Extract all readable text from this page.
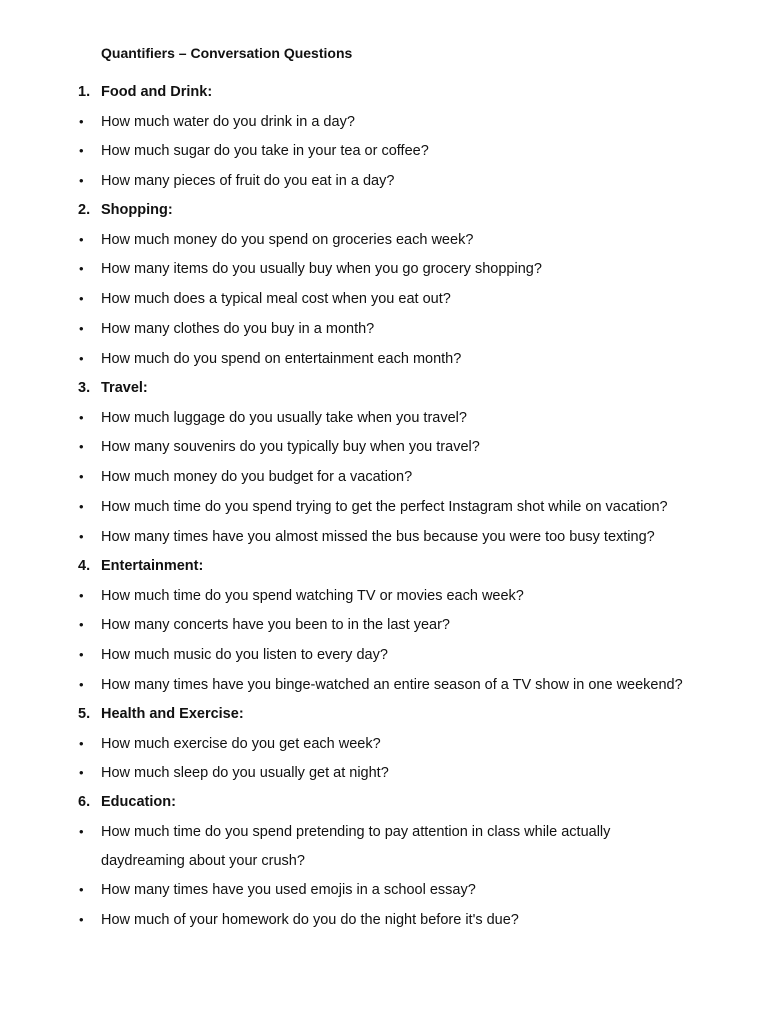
Quantifiers – Conversation Questions
1. Food and Drink:
• How much water do you drink in a day?
• How much sugar do you take in your tea or coffee?
• How many pieces of fruit do you eat in a day?
2. Shopping:
• How much money do you spend on groceries each week?
• How many items do you usually buy when you go grocery shopping?
• How much does a typical meal cost when you eat out?
• How many clothes do you buy in a month?
• How much do you spend on entertainment each month?
3. Travel:
• How much luggage do you usually take when you travel?
• How many souvenirs do you typically buy when you travel?
• How much money do you budget for a vacation?
• How much time do you spend trying to get the perfect Instagram shot while on vacation?
• How many times have you almost missed the bus because you were too busy texting?
4. Entertainment:
• How much time do you spend watching TV or movies each week?
• How many concerts have you been to in the last year?
• How much music do you listen to every day?
• How many times have you binge-watched an entire season of a TV show in one weekend?
5. Health and Exercise:
• How much exercise do you get each week?
• How much sleep do you usually get at night?
6. Education:
• How much time do you spend pretending to pay attention in class while actually
daydreaming about your crush?
• How many times have you used emojis in a school essay?
• How much of your homework do you do the night before it's due?
